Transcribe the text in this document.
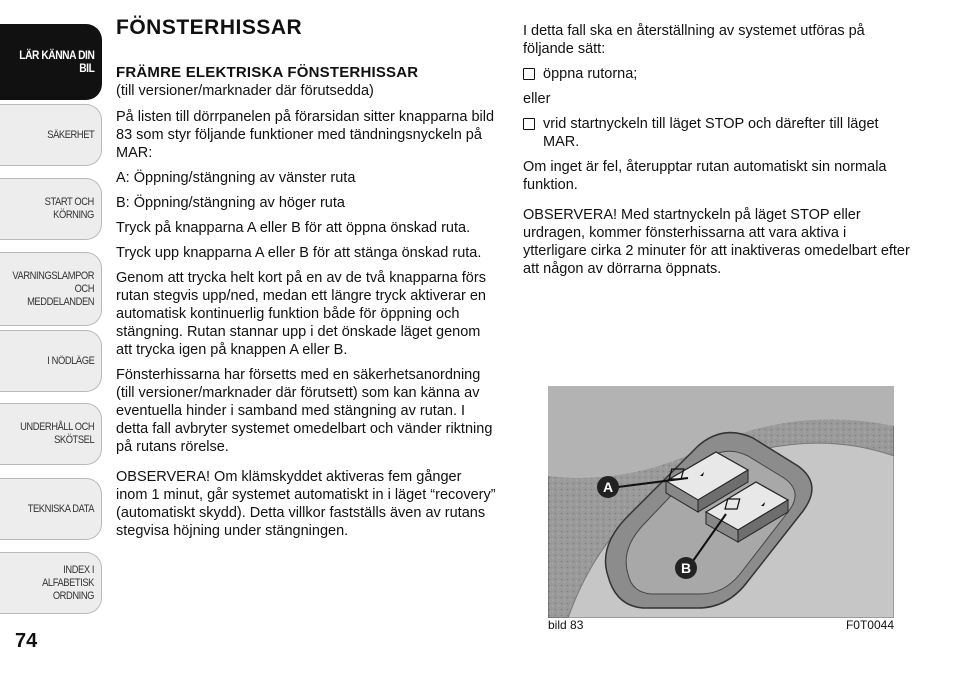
LÄR KÄNNA DIN
BIL
SÄKERHET
START OCH
KÖRNING
VARNINGSLAMPOR
OCH
MEDDELANDEN
I NÖDLÄGE
UNDERHÅLL OCH
SKÖTSEL
TEKNISKA DATA
INDEX I ALFABETISK
ORDNING
74
FÖNSTERHISSAR
FRÄMRE ELEKTRISKA FÖNSTERHISSAR

(till versioner/marknader där förutsedda)

På listen till dörrpanelen på förarsidan sitter knapparna bild 83 som styr följande funktioner med tändningsnyckeln på MAR:

A: Öppning/stängning av vänster ruta

B: Öppning/stängning av höger ruta

Tryck på knapparna A eller B för att öppna önskad ruta.

Tryck upp knapparna A eller B för att stänga önskad ruta.

Genom att trycka helt kort på en av de två knapparna förs rutan stegvis upp/ned, medan ett längre tryck aktiverar en automatisk kontinuerlig funktion både för öppning och stängning. Rutan stannar upp i det önskade läget genom att trycka igen på knappen A eller B.

Fönsterhissarna har försetts med en säkerhetsanordning (till versioner/marknader där förutsett) som kan känna av eventuella hinder i samband med stängning av rutan. I detta fall avbryter systemet omedelbart och vänder riktning på rutans rörelse.

OBSERVERA! Om klämskyddet aktiveras fem gånger inom 1 minut, går systemet automatiskt in i läget “recovery” (automatiskt skydd). Detta villkor fastställs även av rutans stegvisa höjning under stängningen.

I detta fall ska en återställning av systemet utföras på följande sätt:

öppna rutorna;

eller

vrid startnyckeln till läget STOP och därefter till läget MAR.

Om inget är fel, återupptar rutan automatiskt sin normala funktion.

OBSERVERA! Med startnyckeln på läget STOP eller urdragen, kommer fönsterhissarna att vara aktiva i ytterligare cirka 2 minuter för att inaktiveras omedelbart efter att någon av dörrarna öppnats.

A
B
bild 83	F0T0044
